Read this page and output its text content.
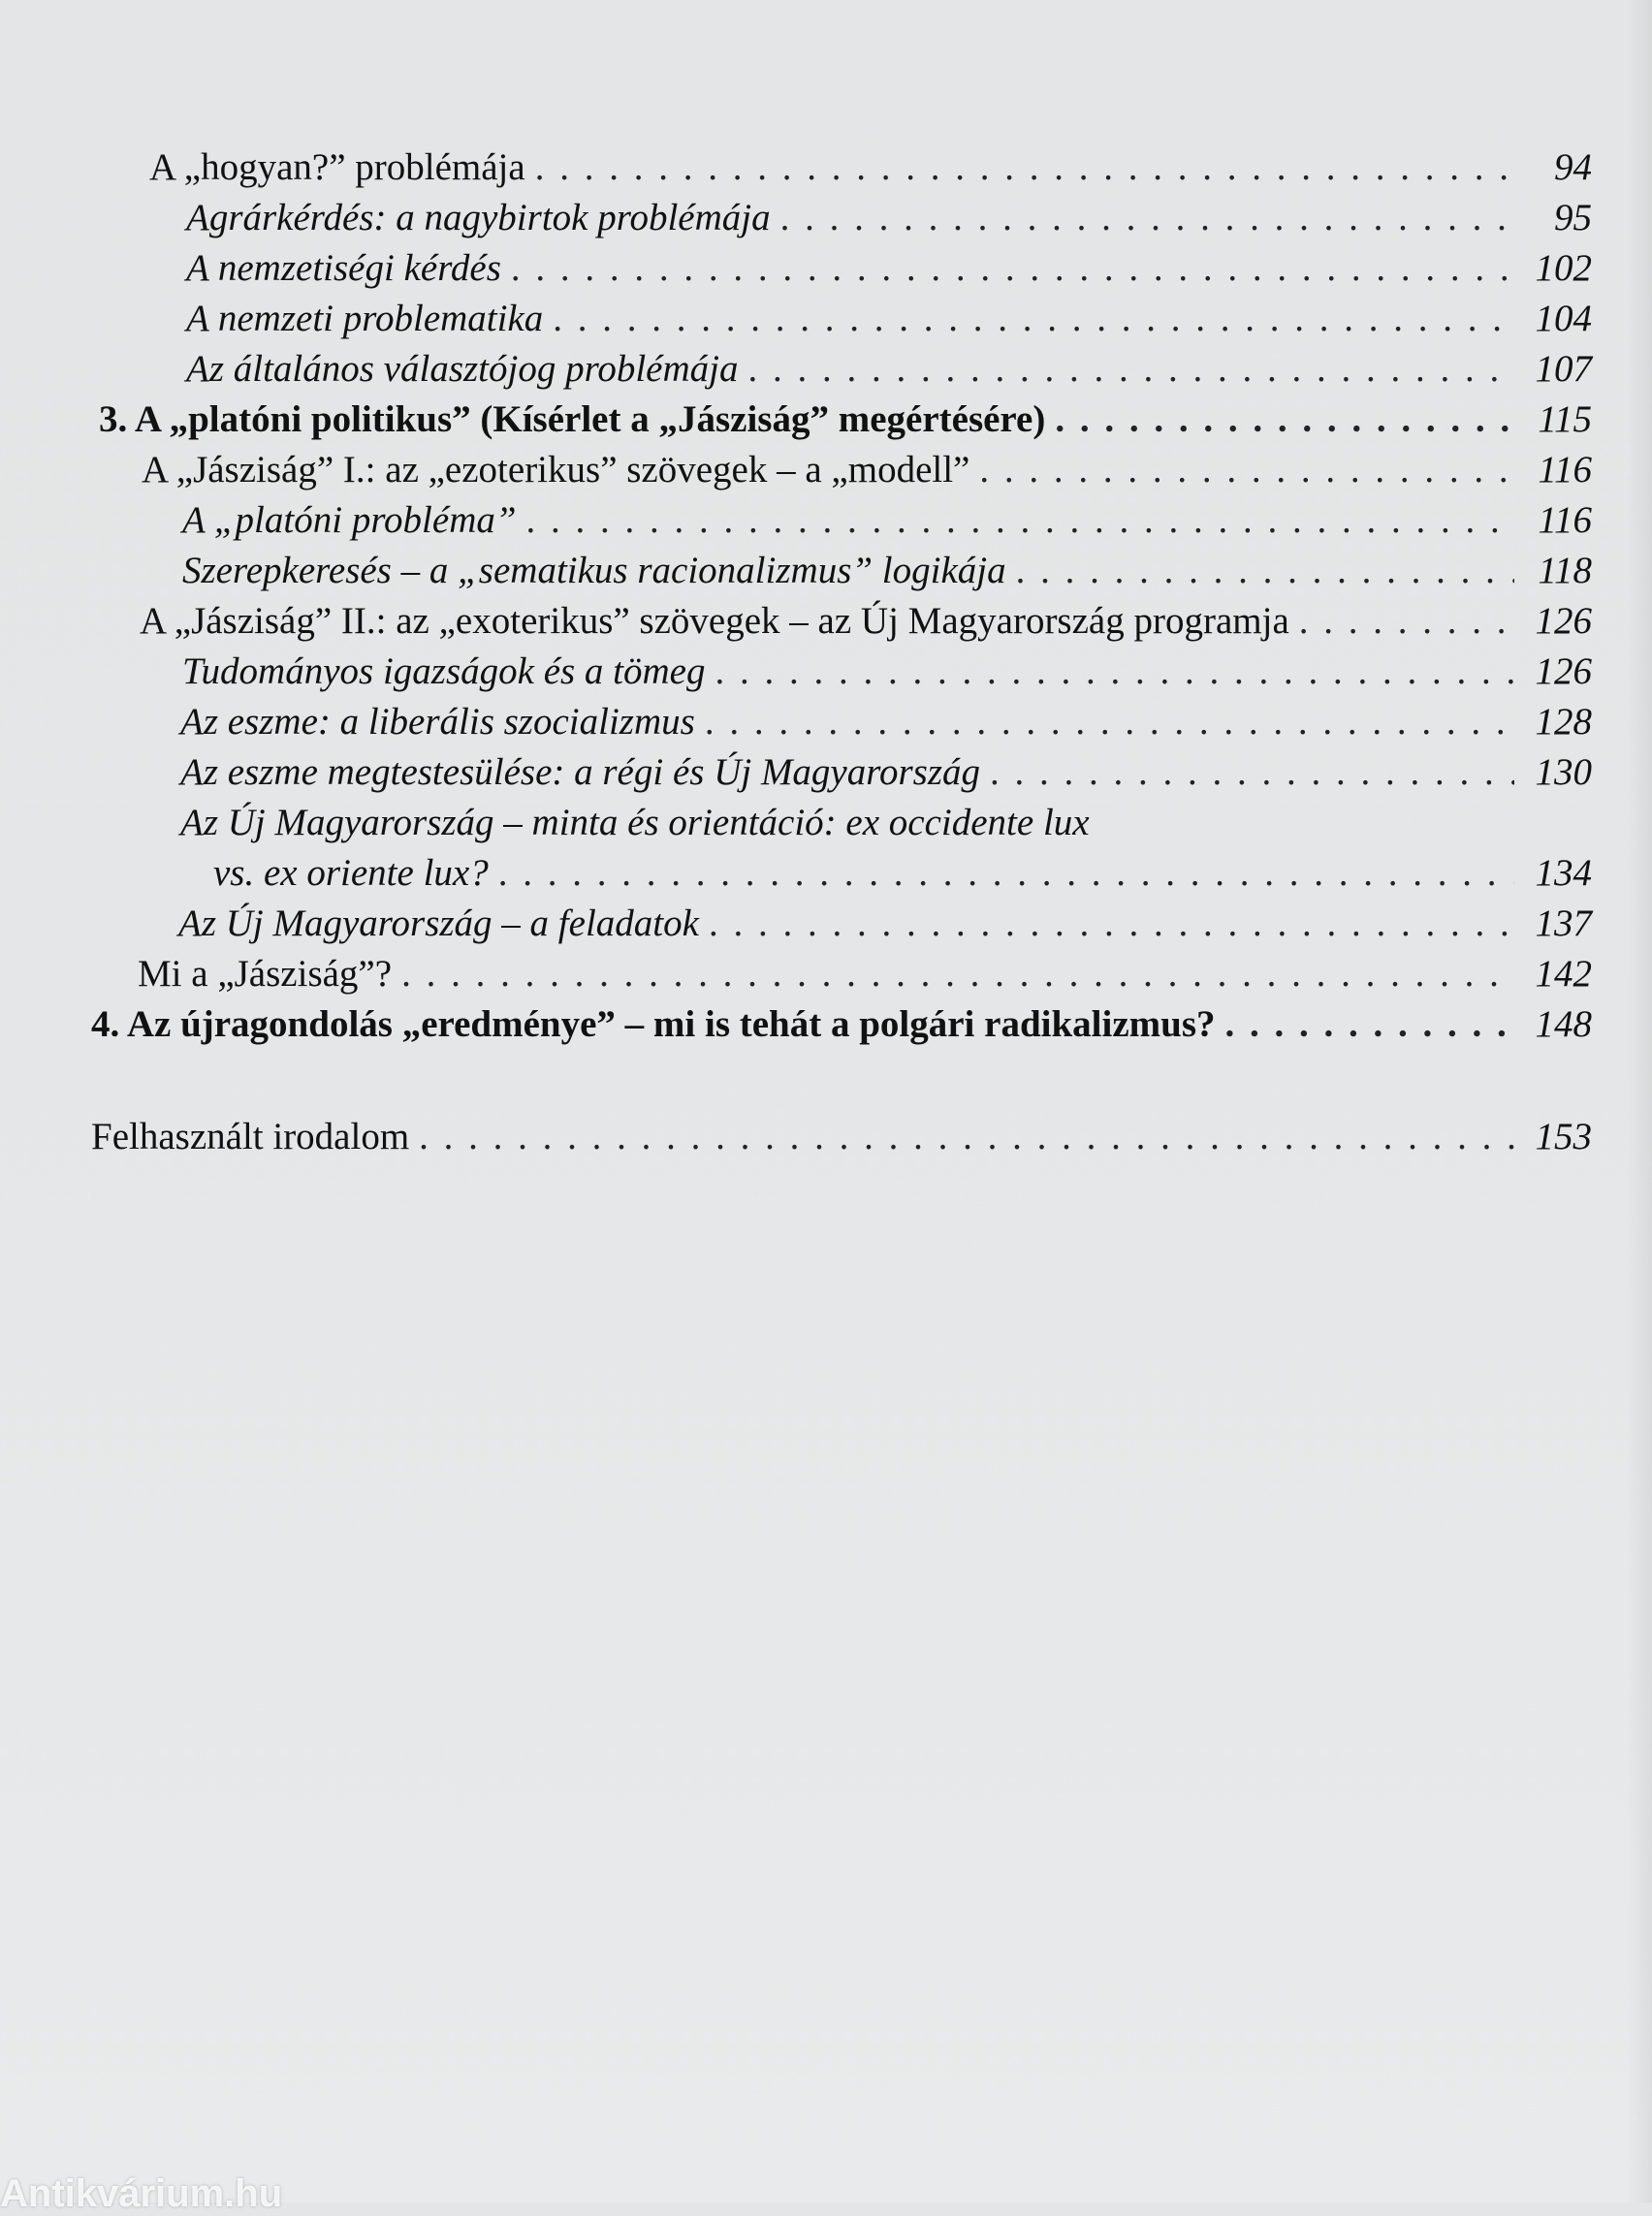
A „hogyan?” problémája . . .	94
Agrárkérdés: a nagybirtok problémája . . .	95
A nemzetiségi kérdés . . .	102
A nemzeti problematika . . .	104
Az általános választójog problémája . . .	107
3. A „platóni politikus” (Kísérlet a „Jásziság” megértésére) . . .	115
A „Jásziság” I.: az „ezoterikus” szövegek – a „modell” . . .	116
A „platóni probléma” . . .	116
Szerepkeresés – a „sematikus racionalizmus” logikája . . .	118
A „Jásziság” II.: az „exoterikus” szövegek – az Új Magyarország programja . . .	126
Tudományos igazságok és a tömeg . . .	126
Az eszme: a liberális szocializmus . . .	128
Az eszme megtestesülése: a régi és Új Magyarország . . .	130
Az Új Magyarország – minta és orientáció: ex occidente lux
vs. ex oriente lux? . . .	134
Az Új Magyarország – a feladatok . . .	137
Mi a „Jásziság”? . . .	142
4. Az újragondolás „eredménye” – mi is tehát a polgári radikalizmus? . . .	148
Felhasznált irodalom . . .	153
Antikvárium.hu
